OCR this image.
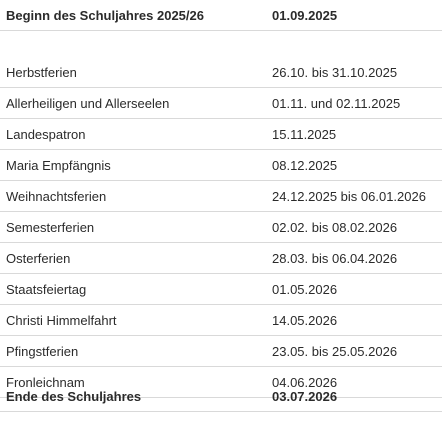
Beginn des Schuljahres 2025/26	01.09.2025
Herbstferien	26.10. bis 31.10.2025
Allerheiligen und Allerseelen	01.11. und 02.11.2025
Landespatron	15.11.2025
Maria Empfängnis	08.12.2025
Weihnachtsferien	24.12.2025 bis 06.01.2026
Semesterferien	02.02. bis 08.02.2026
Osterferien	28.03. bis 06.04.2026
Staatsfeiertag	01.05.2026
Christi Himmelfahrt	14.05.2026
Pfingstferien	23.05. bis 25.05.2026
Fronleichnam	04.06.2026
Ende des Schuljahres	03.07.2026
